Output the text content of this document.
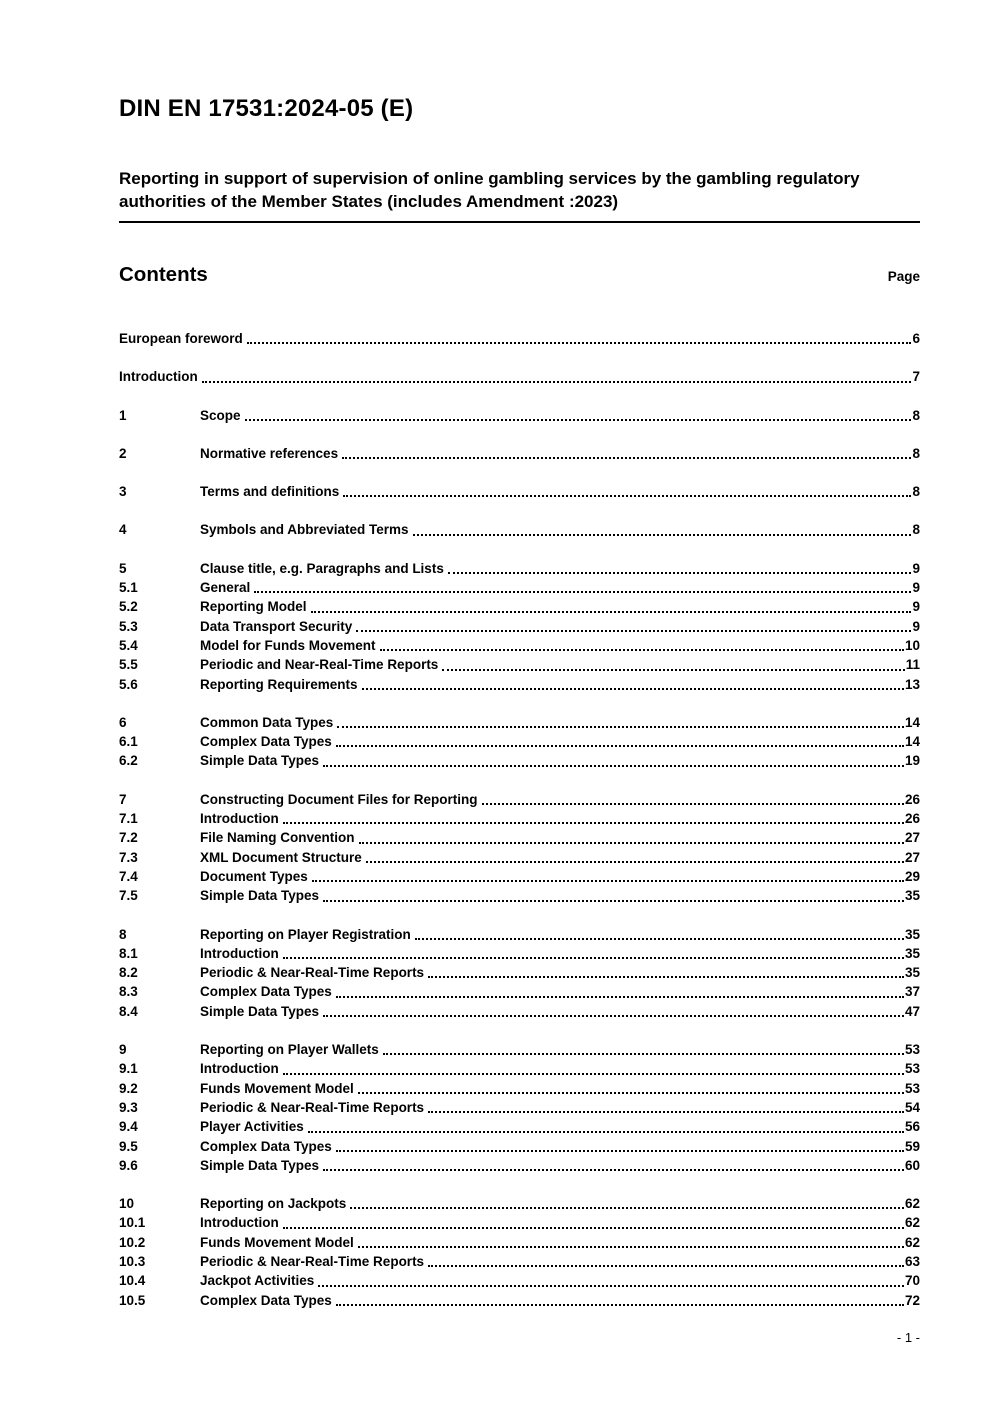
DIN EN 17531:2024-05 (E)
Reporting in support of supervision of online gambling services by the gambling regulatory authorities of the Member States (includes Amendment :2023)
Contents	Page
European foreword	6
Introduction	7
1	Scope	8
2	Normative references	8
3	Terms and definitions	8
4	Symbols and Abbreviated Terms	8
5	Clause title, e.g. Paragraphs and Lists	9
5.1	General	9
5.2	Reporting Model	9
5.3	Data Transport Security	9
5.4	Model for Funds Movement	10
5.5	Periodic and Near-Real-Time Reports	11
5.6	Reporting Requirements	13
6	Common Data Types	14
6.1	Complex Data Types	14
6.2	Simple Data Types	19
7	Constructing Document Files for Reporting	26
7.1	Introduction	26
7.2	File Naming Convention	27
7.3	XML Document Structure	27
7.4	Document Types	29
7.5	Simple Data Types	35
8	Reporting on Player Registration	35
8.1	Introduction	35
8.2	Periodic & Near-Real-Time Reports	35
8.3	Complex Data Types	37
8.4	Simple Data Types	47
9	Reporting on Player Wallets	53
9.1	Introduction	53
9.2	Funds Movement Model	53
9.3	Periodic & Near-Real-Time Reports	54
9.4	Player Activities	56
9.5	Complex Data Types	59
9.6	Simple Data Types	60
10	Reporting on Jackpots	62
10.1	Introduction	62
10.2	Funds Movement Model	62
10.3	Periodic & Near-Real-Time Reports	63
10.4	Jackpot Activities	70
10.5	Complex Data Types	72
- 1 -
